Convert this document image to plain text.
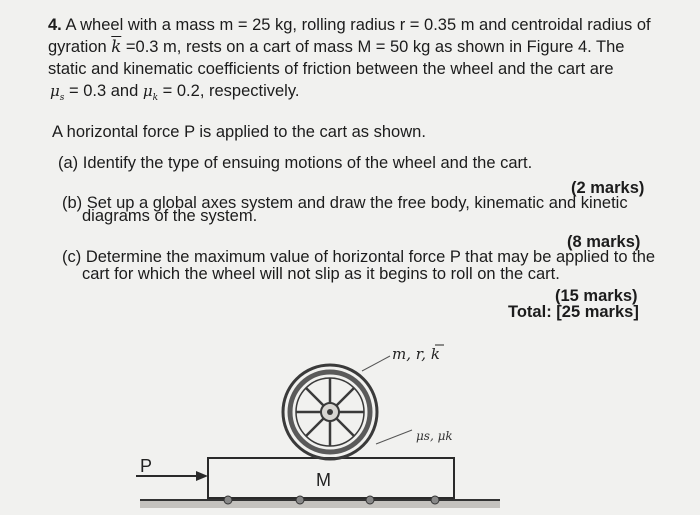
4. A wheel with a mass m = 25 kg, rolling radius r = 0.35 m and centroidal radius of
gyration $\overline{k} =0.3$ m, rests on a cart of mass M = 50 kg as shown in Figure 4. The
static and kinematic coefficients of friction between the wheel and the cart are
$\mu_s = 0.3$ and $\mu_k = 0.2$, respectively.
A horizontal force P is applied to the cart as shown.
(a) Identify the type of ensuing motions of the wheel and the cart.
(2 marks)
(b) Set up a global axes system and draw the free body, kinematic and kinetic
diagrams of the system.
(8 marks)
(c) Determine the maximum value of horizontal force P that may be applied to the
cart for which the wheel will not slip as it begins to roll on the cart.
(15 marks)
Total: [25 marks]
m, r, k
μs, μk
P
M
